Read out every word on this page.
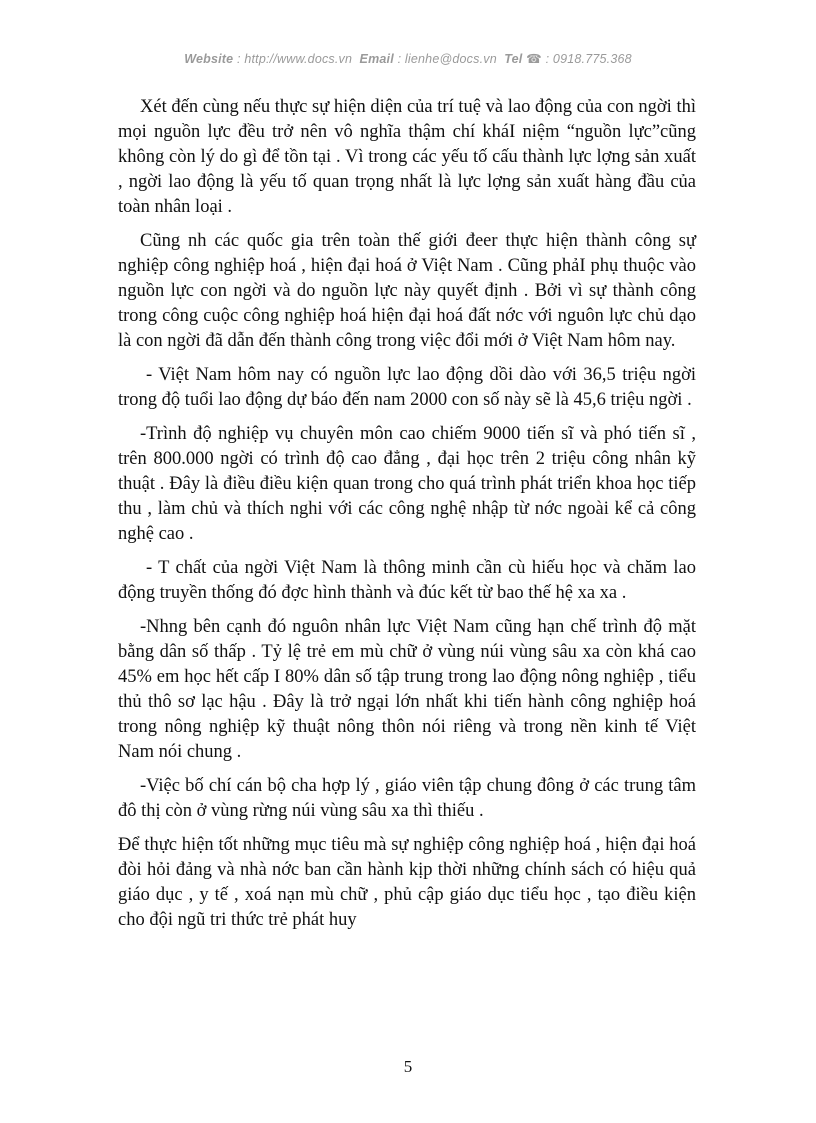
Website : http://www.docs.vn Email : lienhe@docs.vn Tel ☎ : 0918.775.368

Xét đến cùng nếu thực sự hiện diện của trí tuệ và lao động của con ngời thì mọi nguồn lực đều trở nên vô nghĩa thậm chí kháI niệm “nguồn lực”cũng không còn lý do gì để tồn tại . Vì trong các yếu tố cấu thành lực lợng sản xuất , ngời lao động là yếu tố quan trọng nhất là lực lợng sản xuất hàng đầu của toàn nhân loại .

Cũng nh các quốc gia trên toàn thế giới đeer thực hiện thành công sự nghiệp công nghiệp hoá , hiện đại hoá ở Việt Nam . Cũng phảI phụ thuộc vào nguồn lực con ngời và do nguồn lực này quyết định . Bởi vì sự thành công trong công cuộc công nghiệp hoá hiện đại hoá đất nớc với nguôn lực chủ dạo là con ngời đã dẫn đến thành công trong việc đổi mới ở Việt Nam hôm nay.

- Việt Nam hôm nay có nguồn lực lao động dồi dào với 36,5 triệu ngời trong độ tuổi lao động dự báo đến nam 2000 con số này sẽ là 45,6 triệu ngời .

-Trình độ nghiệp vụ chuyên môn cao chiếm 9000 tiến sĩ và phó tiến sĩ , trên 800.000 ngời có trình độ cao đẳng , đại học trên 2 triệu công nhân kỹ thuật . Đây là điều điều kiện quan trong cho quá trình phát triển khoa học tiếp thu , làm chủ và thích nghi với các công nghệ nhập từ nớc ngoài kể cả công nghệ cao .

- T chất của ngời Việt Nam là thông minh cần cù hiếu học và chăm lao động truyền thống đó đợc hình thành và đúc kết từ bao thế hệ xa xa .

-Nhng bên cạnh đó nguôn nhân lực Việt Nam cũng hạn chế trình độ mặt bằng dân số thấp . Tỷ lệ trẻ em mù chữ ở vùng núi vùng sâu xa còn khá cao 45% em học hết cấp I 80% dân số tập trung trong lao động nông nghiệp , tiểu thủ thô sơ lạc hậu . Đây là trở ngại lớn nhất khi tiến hành công nghiệp hoá trong nông nghiệp kỹ thuật nông thôn nói riêng và trong nền kinh tế Việt Nam nói chung .

-Việc bố chí cán bộ cha hợp lý , giáo viên tập chung đông ở các trung tâm đô thị còn ở vùng rừng núi vùng sâu xa thì thiếu .

Để thực hiện tốt những mục tiêu mà sự nghiệp công nghiệp hoá , hiện đại hoá đòi hỏi đảng và nhà nớc ban cần hành kịp thời những chính sách có hiệu quả giáo dục , y tế , xoá nạn mù chữ , phủ cập giáo dục tiểu học , tạo điều kiện cho đội ngũ tri thức trẻ phát huy

5
